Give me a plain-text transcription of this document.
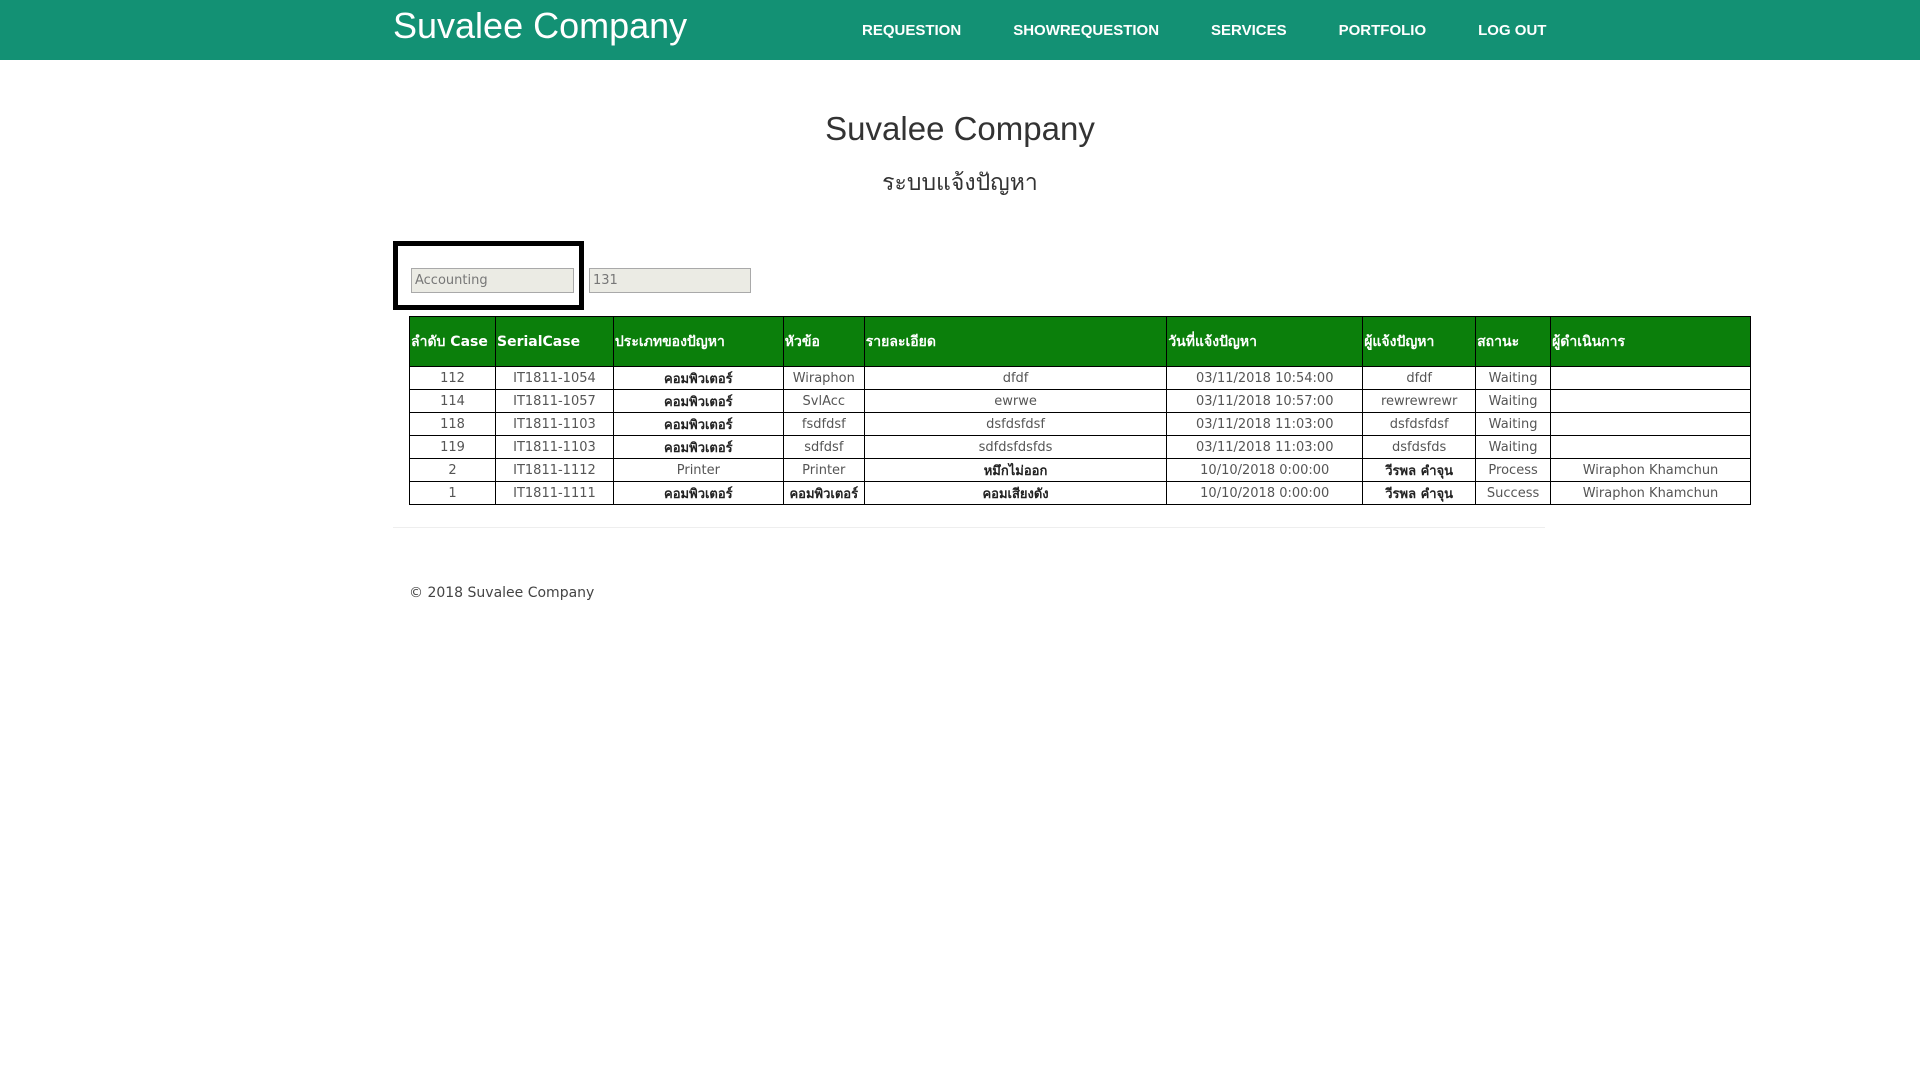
Suvalee Company	REQUESTION	SHOWREQUESTION	SERVICES	PORTFOLIO	LOG OUT
Suvalee Company
ระบบแจ้งปัญหา
Accounting	131
ลำดับ Case	SerialCase	ประเภทของปัญหา	หัวข้อ	รายละเอียด	วันที่แจ้งปัญหา	ผู้แจ้งปัญหา	สถานะ	ผู้ดำเนินการ
112	IT1811-1054	คอมพิวเตอร์	Wiraphon	dfdf	03/11/2018 10:54:00	dfdf	Waiting	
114	IT1811-1057	คอมพิวเตอร์	SvlAcc	ewrwe	03/11/2018 10:57:00	rewrewrewr	Waiting	
118	IT1811-1103	คอมพิวเตอร์	fsdfdsf	dsfdsfdsf	03/11/2018 11:03:00	dsfdsfdsf	Waiting	
119	IT1811-1103	คอมพิวเตอร์	sdfdsf	sdfdsfdsfds	03/11/2018 11:03:00	dsfdsfds	Waiting	
2	IT1811-1112	Printer	Printer	หมึกไม่ออก	10/10/2018 0:00:00	วีรพล คำจุน	Process	Wiraphon Khamchun
1	IT1811-1111	คอมพิวเตอร์	คอมพิวเตอร์	คอมเสียงดัง	10/10/2018 0:00:00	วีรพล คำจุน	Success	Wiraphon Khamchun
© 2018 Suvalee Company
